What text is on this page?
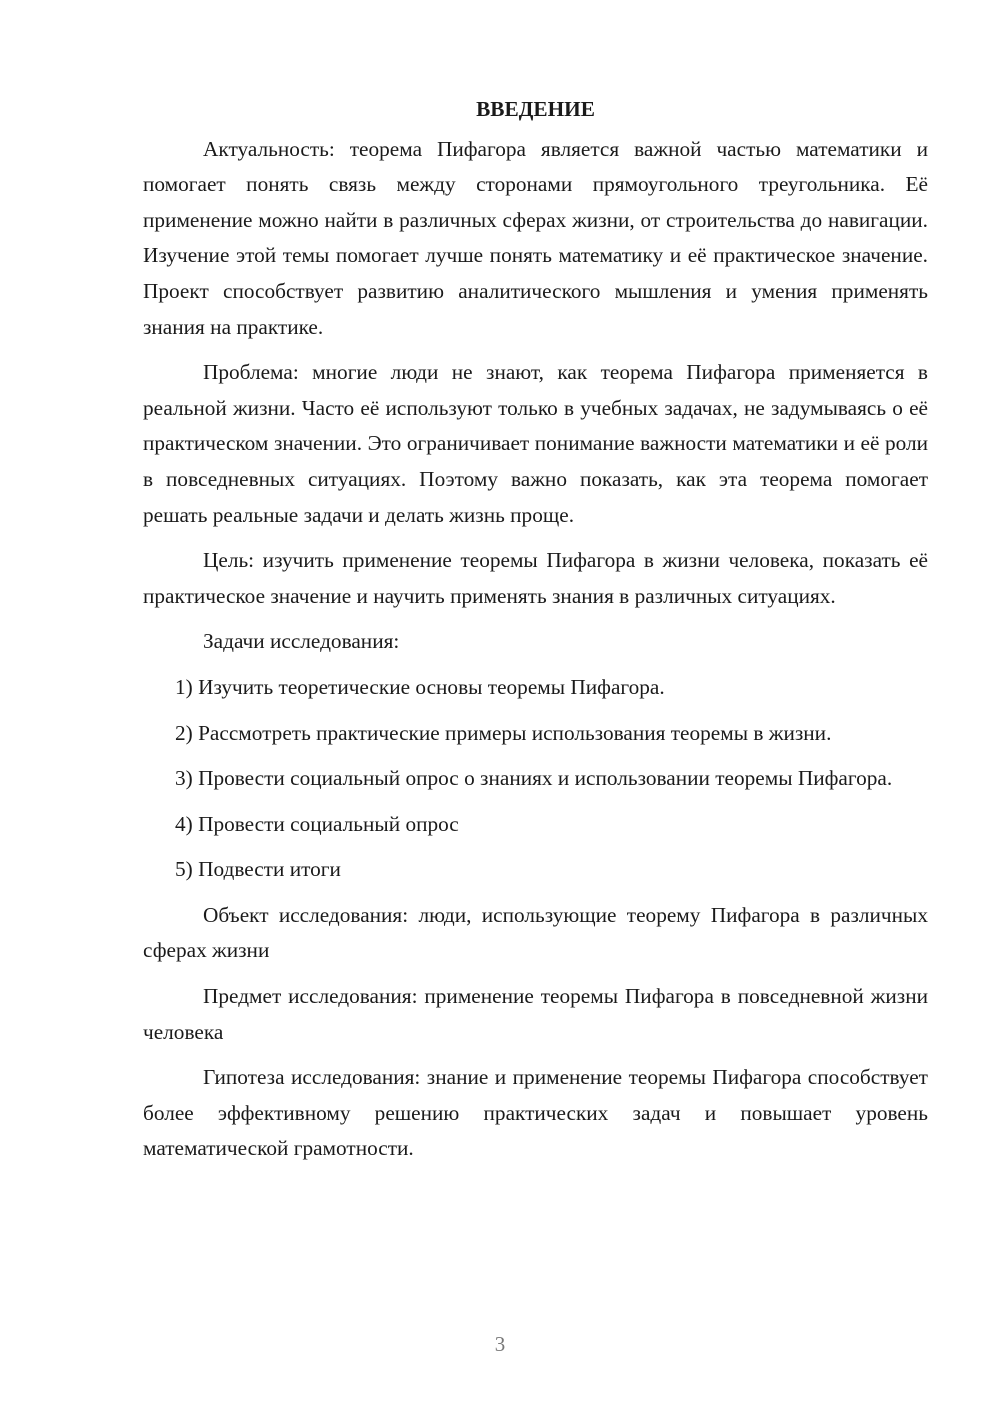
ВВЕДЕНИЕ

Актуальность: теорема Пифагора является важной частью математики и помогает понять связь между сторонами прямоугольного треугольника. Её применение можно найти в различных сферах жизни, от строительства до навигации. Изучение этой темы помогает лучше понять математику и её практическое значение. Проект способствует развитию аналитического мышления и умения применять знания на практике.

Проблема: многие люди не знают, как теорема Пифагора применяется в реальной жизни. Часто её используют только в учебных задачах, не задумываясь о её практическом значении. Это ограничивает понимание важности математики и её роли в повседневных ситуациях. Поэтому важно показать, как эта теорема помогает решать реальные задачи и делать жизнь проще.

Цель: изучить применение теоремы Пифагора в жизни человека, показать её практическое значение и научить применять знания в различных ситуациях.

Задачи исследования:

1) Изучить теоретические основы теоремы Пифагора.

2) Рассмотреть практические примеры использования теоремы в жизни.

3) Провести социальный опрос о знаниях и использовании теоремы Пифагора.

4) Провести социальный опрос

5) Подвести итоги

Объект исследования: люди, использующие теорему Пифагора в различных сферах жизни

Предмет исследования: применение теоремы Пифагора в повседневной жизни человека

Гипотеза исследования: знание и применение теоремы Пифагора способствует более эффективному решению практических задач и повышает уровень математической грамотности.

3
